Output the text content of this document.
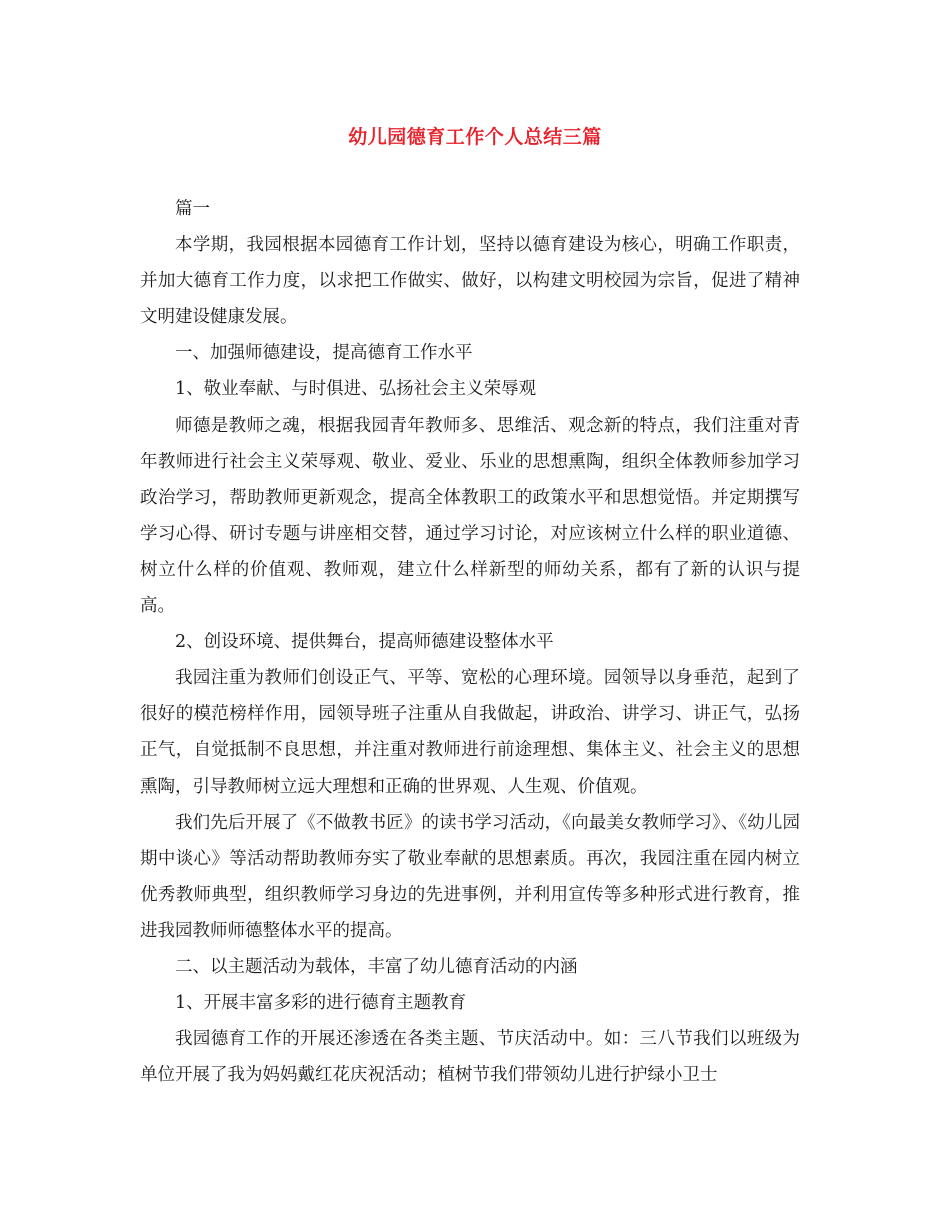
幼儿园德育工作个人总结三篇

篇一

本学期，我园根据本园德育工作计划，坚持以德育建设为核心，明确工作职责，并加大德育工作力度，以求把工作做实、做好，以构建文明校园为宗旨，促进了精神文明建设健康发展。

一、加强师德建设，提高德育工作水平

1、敬业奉献、与时俱进、弘扬社会主义荣辱观

师德是教师之魂，根据我园青年教师多、思维活、观念新的特点，我们注重对青年教师进行社会主义荣辱观、敬业、爱业、乐业的思想熏陶，组织全体教师参加学习政治学习，帮助教师更新观念，提高全体教职工的政策水平和思想觉悟。并定期撰写学习心得、研讨专题与讲座相交替，通过学习讨论，对应该树立什么样的职业道德、树立什么样的价值观、教师观，建立什么样新型的师幼关系，都有了新的认识与提高。

2、创设环境、提供舞台，提高师德建设整体水平

我园注重为教师们创设正气、平等、宽松的心理环境。园领导以身垂范，起到了很好的模范榜样作用，园领导班子注重从自我做起，讲政治、讲学习、讲正气，弘扬正气，自觉抵制不良思想，并注重对教师进行前途理想、集体主义、社会主义的思想熏陶，引导教师树立远大理想和正确的世界观、人生观、价值观。

我们先后开展了《不做教书匠》的读书学习活动，《向最美女教师学习》、《幼儿园期中谈心》等活动帮助教师夯实了敬业奉献的思想素质。再次，我园注重在园内树立优秀教师典型，组织教师学习身边的先进事例，并利用宣传等多种形式进行教育，推进我园教师师德整体水平的提高。

二、以主题活动为载体，丰富了幼儿德育活动的内涵

1、开展丰富多彩的进行德育主题教育

我园德育工作的开展还渗透在各类主题、节庆活动中。如：三八节我们以班级为单位开展了我为妈妈戴红花庆祝活动；植树节我们带领幼儿进行护绿小卫士
